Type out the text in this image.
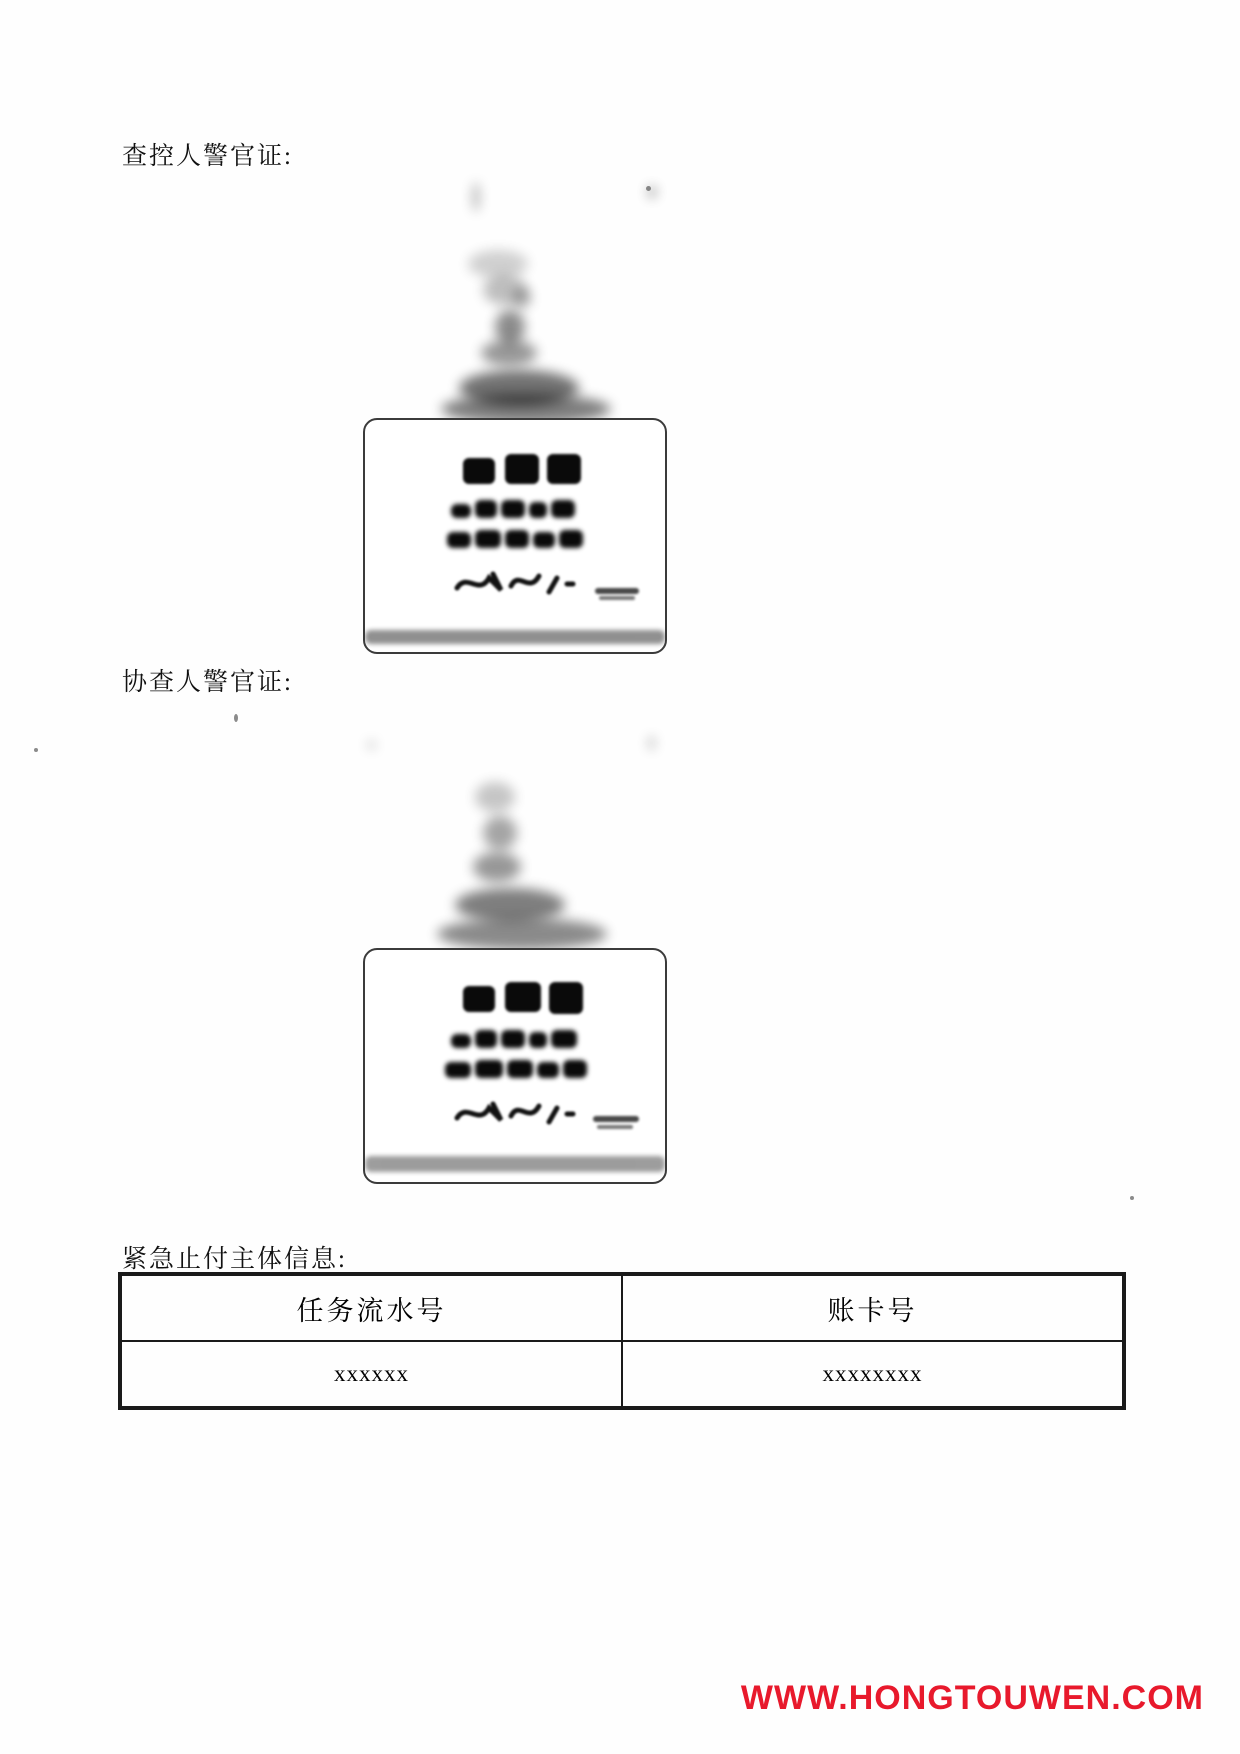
查控人警官证:
协查人警官证:
紧急止付主体信息:
任务流水号	账卡号
xxxxxx	xxxxxxxx
WWW.HONGTOUWEN.COM
